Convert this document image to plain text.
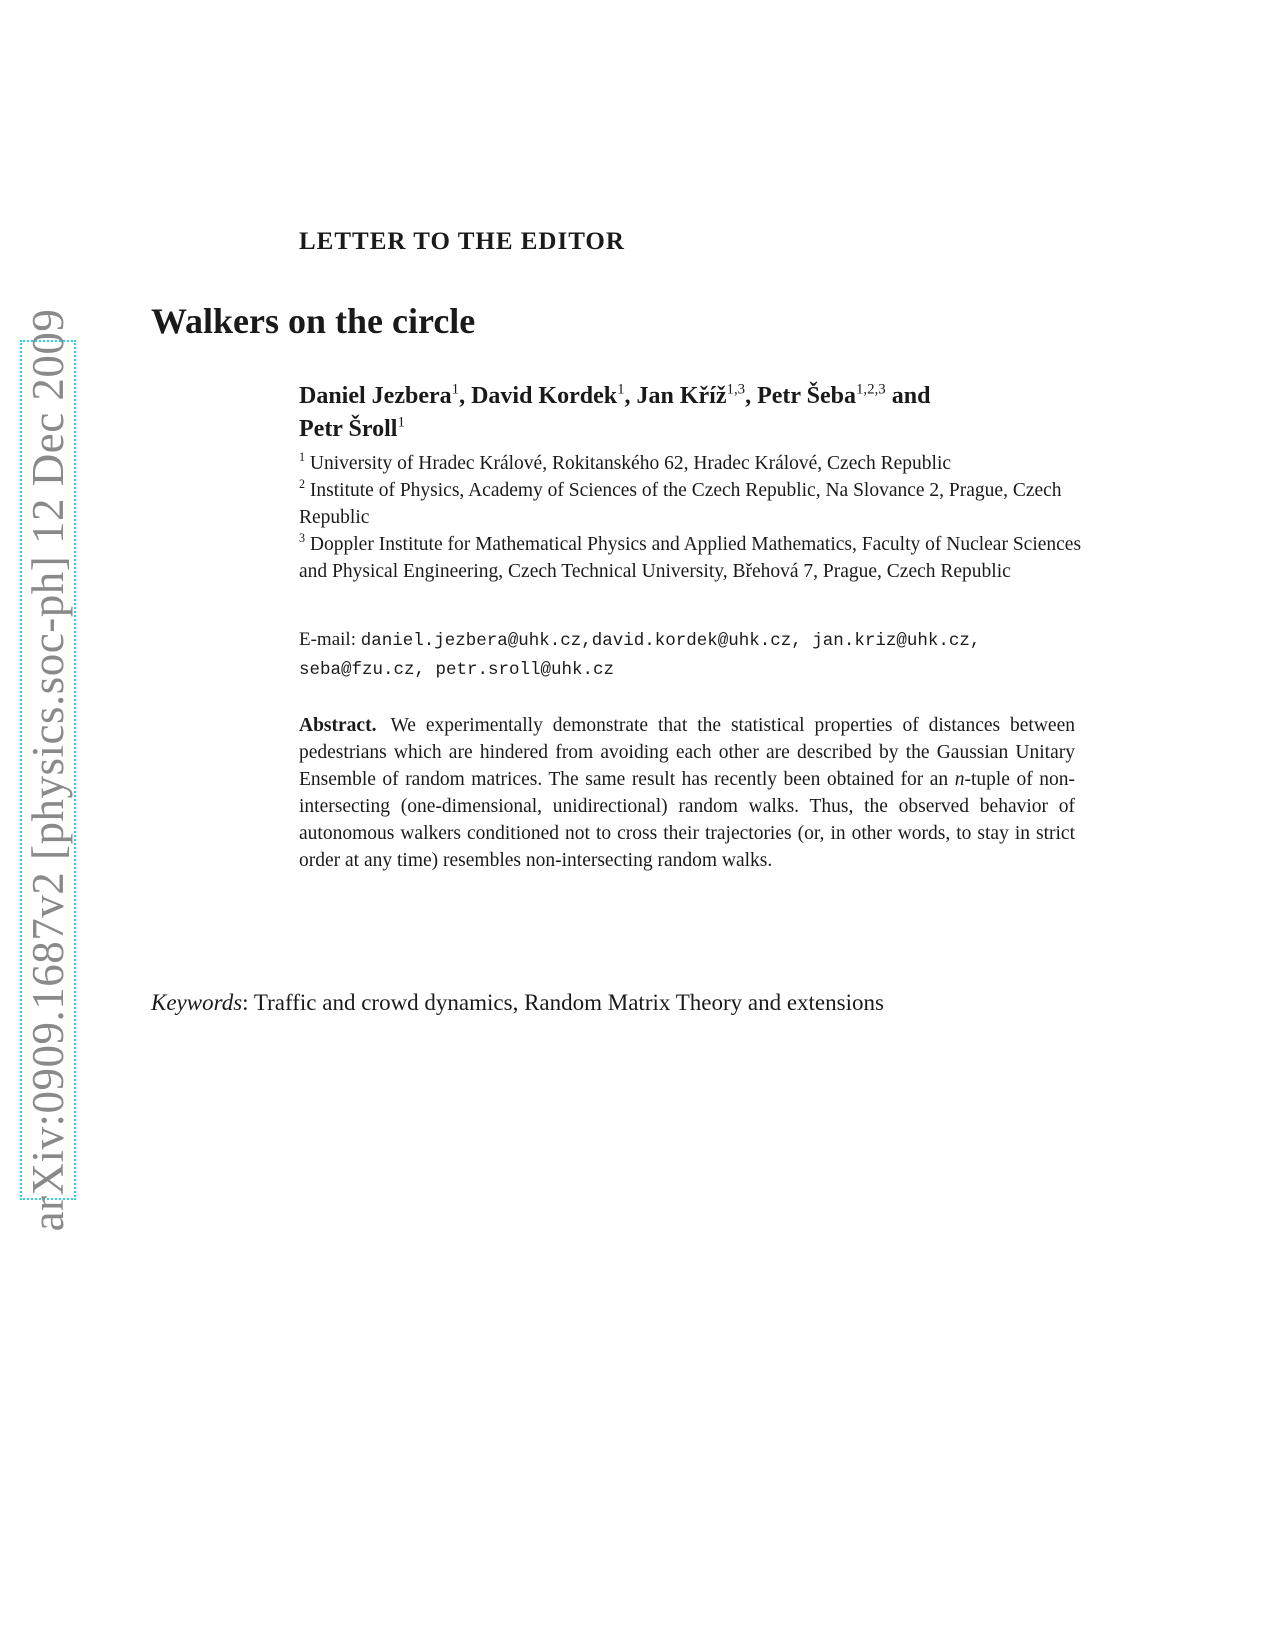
arXiv:0909.1687v2 [physics.soc-ph] 12 Dec 2009
LETTER TO THE EDITOR
Walkers on the circle
Daniel Jezbera$^1$, David Kordek$^1$, Jan Kříž$^{1,3}$, Petr Šeba$^{1,2,3}$ and
Petr Šroll$^1$

$^1$ University of Hradec Králové, Rokitanského 62, Hradec Králové, Czech Republic

$^2$ Institute of Physics, Academy of Sciences of the Czech Republic, Na Slovance 2, Prague, Czech Republic

$^3$ Doppler Institute for Mathematical Physics and Applied Mathematics, Faculty of Nuclear Sciences and Physical Engineering, Czech Technical University, Břehová 7, Prague, Czech Republic

E-mail: daniel.jezbera@uhk.cz,david.kordek@uhk.cz, jan.kriz@uhk.cz, seba@fzu.cz, petr.sroll@uhk.cz
Abstract. We experimentally demonstrate that the statistical properties of distances between pedestrians which are hindered from avoiding each other are described by the Gaussian Unitary Ensemble of random matrices. The same result has recently been obtained for an n-tuple of non-intersecting (one-dimensional, unidirectional) random walks. Thus, the observed behavior of autonomous walkers conditioned not to cross their trajectories (or, in other words, to stay in strict order at any time) resembles non-intersecting random walks.
Keywords: Traffic and crowd dynamics, Random Matrix Theory and extensions
